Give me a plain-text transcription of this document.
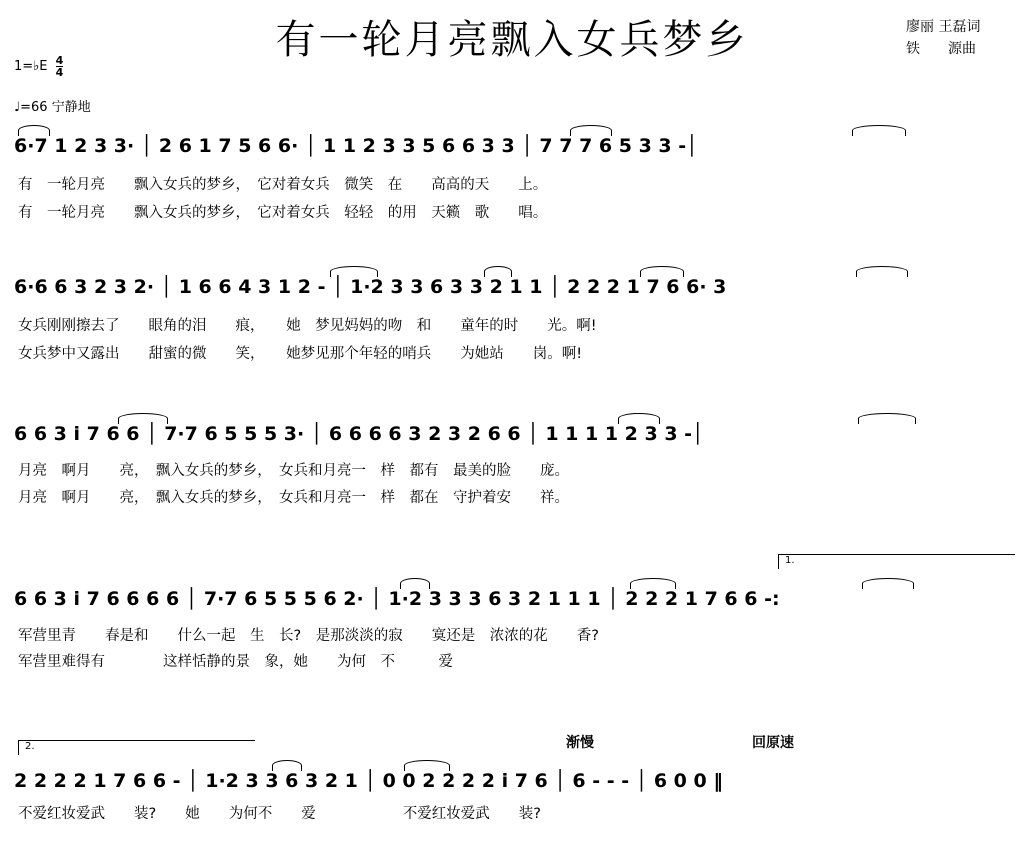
有一轮月亮飘入女兵梦乡	廖丽 王磊词
铁　　源曲
1=♭E $\frac{4}{4}$
♩=66 宁静地
6·7 1 2 3 3· │ 2 6 1 7 5 6 6· │ 1 1 2 3 3 5 6 6 3 3 │ 7 7 7 6 5 3 3 -│
有　一轮月亮　　飘入女兵的梦乡，　它对着女兵　微笑　在　　高高的天　　上。
有　一轮月亮　　飘入女兵的梦乡，　它对着女兵　轻轻　的用　天籁　歌　　唱。
6·6 6 3 2 3 2· │ 1 6 6 4 3 1 2 - │ 1·2 3 3 6 3 3 2 1 1 │ 2 2 2 1 7 6 6· 3
女兵刚刚擦去了　　眼角的泪　　痕，　　她　梦见妈妈的吻　和　　童年的时　　光。啊!
女兵梦中又露出　　甜蜜的微　　笑，　　她梦见那个年轻的哨兵　　为她站　　岗。啊!
6 6 3 i 7 6 6 │ 7·7 6 5 5 5 3· │ 6 6 6 6 3 2 3 2 6 6 │ 1 1 1 1 2 3 3 -│
月亮　啊月　　亮，　飘入女兵的梦乡，　女兵和月亮一　样　都有　最美的脸　　庞。
月亮　啊月　　亮，　飘入女兵的梦乡，　女兵和月亮一　样　都在　守护着安　　祥。
1.
6 6 3 i 7 6 6 6 6 │ 7·7 6 5 5 5 6 2· │ 1·2 3 3 3 6 3 2 1 1 1 │ 2 2 2 1 7 6 6 -:
军营里青　　春是和　　什么一起　生　长?　是那淡淡的寂　　寞还是　浓浓的花　　香?
军营里难得有　　　　这样恬静的景　象，她　　为何　不　　　爱
2.	渐慢	回原速
2 2 2 2 1 7 6 6 - │ 1·2 3 3 6 3 2 1 │ 0 0 2 2 2 2 i 7 6 │ 6 - - - │ 6 0 0 ‖
不爱红妆爱武　　装?　　她　　为何不　　爱　　　　　　不爱红妆爱武　　装?
